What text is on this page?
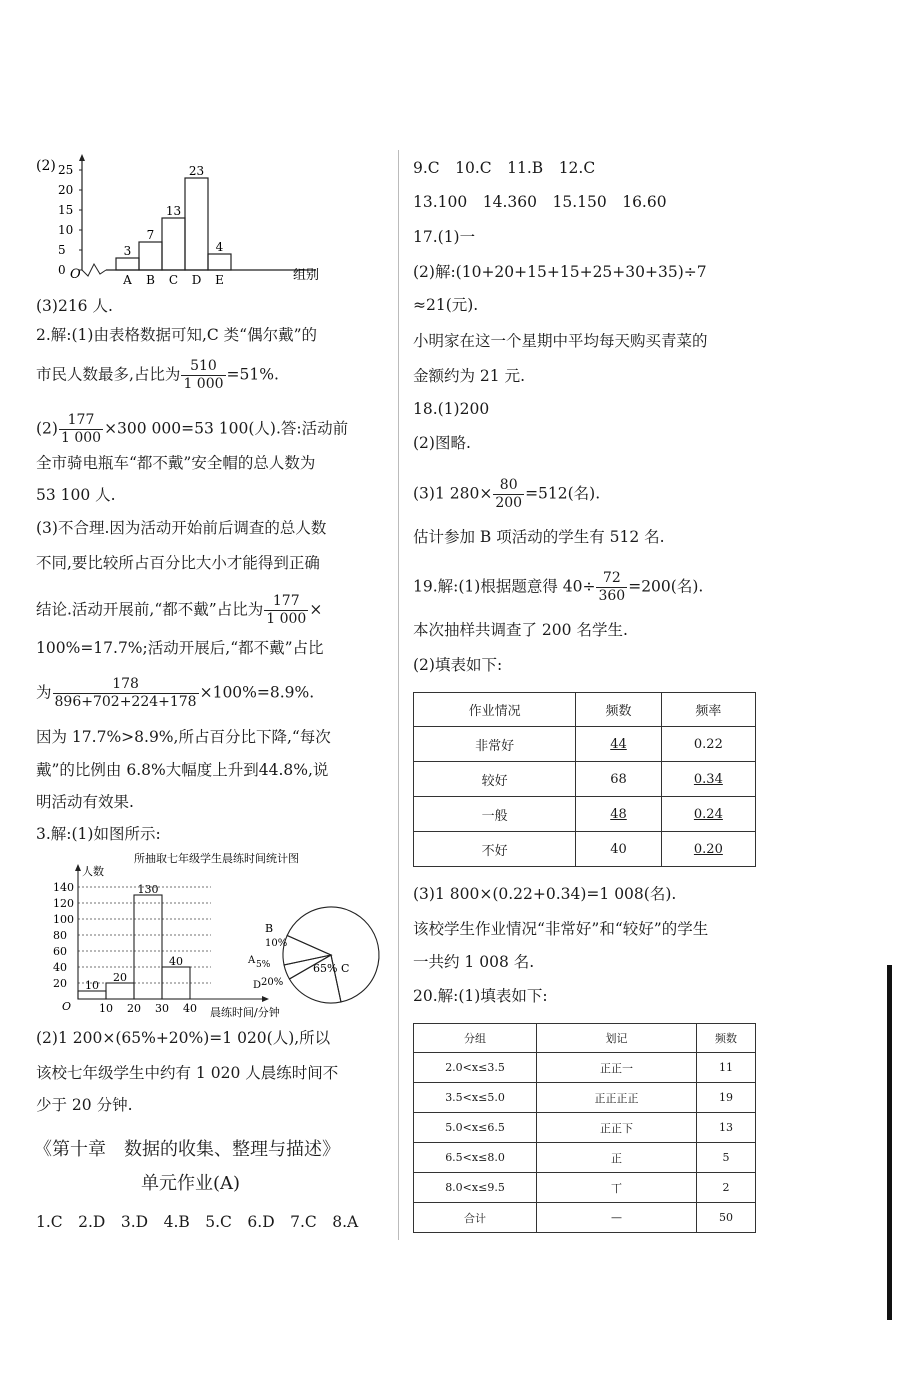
(2) 25
20
15
10
5
0 O
3
A
7
B
13
C
23
D
4
E	组别

(3)216 人.

2.解:(1)由表格数据可知,C 类“偶尔戴”的

市民人数最多,占比为 $\frac{510}{1 000} =51\%$.

$(2) \frac{177}{1 000} \times 300$ 000=53 100(人).答:活动前

全市骑电瓶车“都不戴”安全帽的总人数为

53 100 人.

(3)不合理.因为活动开始前后调查的总人数

不同,要比较所占百分比大小才能得到正确

结论.活动开展前,“都不戴”占比为 $\frac{177}{1 000}$ ×

100%=17.7%;活动开展后,“都不戴”占比

为 $\frac{178}{896+702+224+178} \times 100\%=8.9\%$.

因为 17.7%>8.9%,所占百分比下降,“每次

戴”的比例由 6.8%大幅度上升到44.8%,说

明活动有效果.

3.解:(1)如图所示:

所抽取七年级学生晨练时间统计图
人数
140
120
100
80
60
40
20
O
10
20
130
40
10 20 30 40 晨练时间/分钟
B
10%
A 5%
D 20%
65% C

(2)1 200×(65%+20%)=1 020(人),所以

该校七年级学生中约有 1 020 人晨练时间不

少于 20 分钟.

《第十章　数据的收集、整理与描述》
单元作业(A)

1.C　2.D　3.D　4.B　5.C　6.D　7.C　8.A

9.C　10.C　11.B　12.C

13.100　14.360　15.150　16.60

17.(1)一

(2)解:(10+20+15+15+25+30+35)÷7

≈21(元).

小明家在这一个星期中平均每天购买青菜的

金额约为 21 元.

18.(1)200

(2)图略.

(3)1 $280\times \frac{80}{200} =512$(名).

估计参加 B 项活动的学生有 512 名.

19.解:(1)根据题意得 $40\div \frac{72}{360} =200$(名).

本次抽样共调查了 200 名学生.

(2)填表如下:

作业情况	频数	频率
非常好	44	0.22
较好	68	0.34
一般	48	0.24
不好	40	0.20

(3)1 800×(0.22+0.34)=1 008(名).

该校学生作业情况“非常好”和“较好”的学生

一共约 1 008 名.

20.解:(1)填表如下:

分组	划记	频数
2.0<x≤3.5	正正一	11
3.5<x≤5.0	正正正正	19
5.0<x≤6.5	正正下	13
6.5<x≤8.0	正	5
8.0<x≤9.5	丅	2
合计	—	50
